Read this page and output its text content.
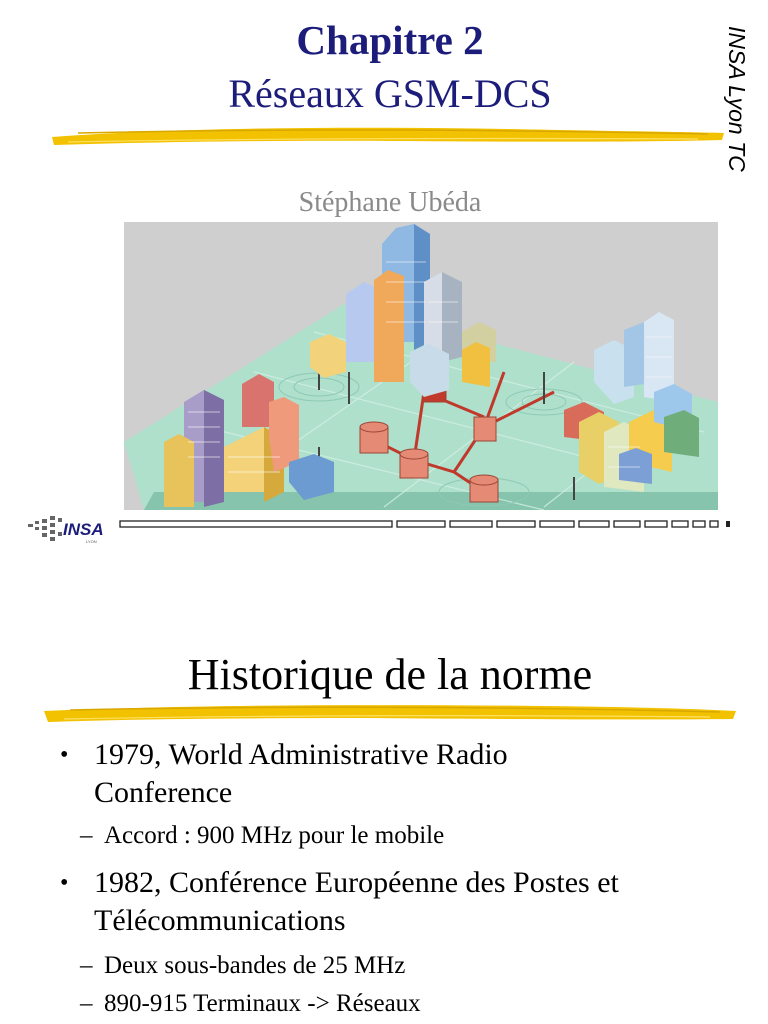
Chapitre 2
Réseaux GSM-DCS	INSA Lyon TC
Stéphane Ubéda
INSA
LYON
Historique de la norme
• 1979, World Administrative Radio
Conference
– Accord : 900 MHz pour le mobile
• 1982, Conférence Européenne des Postes et
Télécommunications
– Deux sous-bandes de 25 MHz
– 890-915 Terminaux -> Réseaux
